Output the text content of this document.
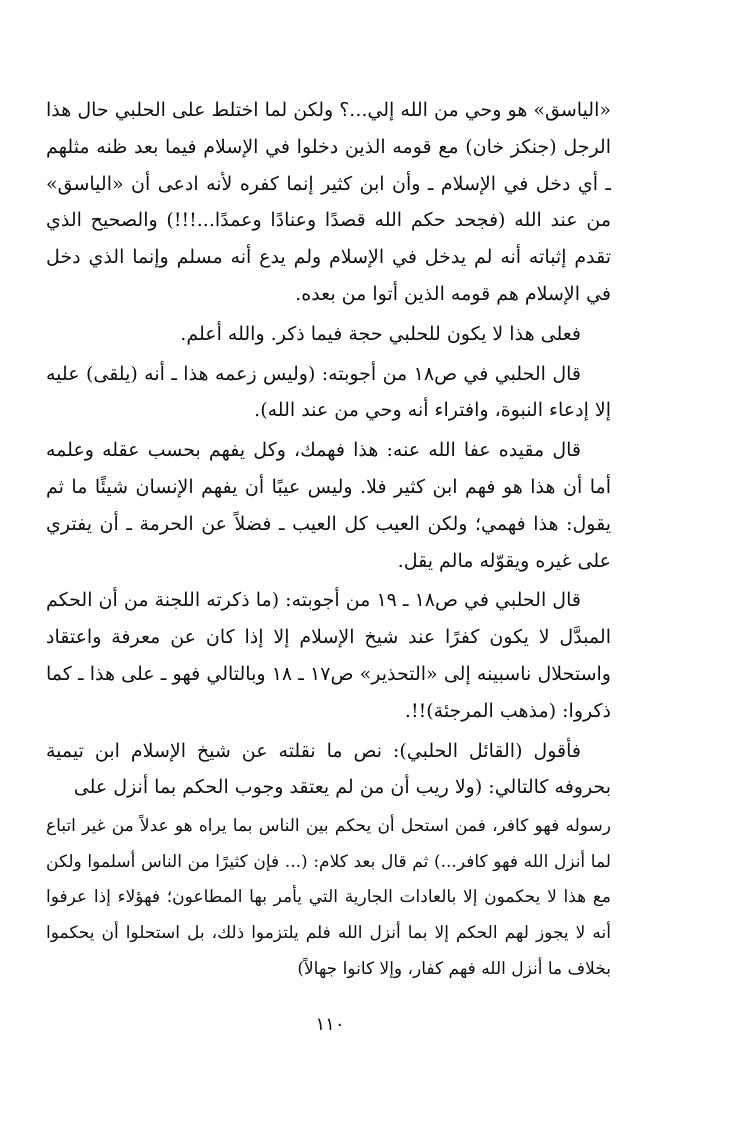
«الياسق» هو وحي من الله إلي...؟ ولكن لما اختلط على الحلبي حال هذا الرجل (جنكز خان) مع قومه الذين دخلوا في الإسلام فيما بعد ظنه مثلهم ـ أي دخل في الإسلام ـ وأن ابن كثير إنما كفره لأنه ادعى أن «الياسق» من عند الله (فجحد حكم الله قصدًا وعنادًا وعمدًا...!!!) والصحيح الذي تقدم إثباته أنه لم يدخل في الإسلام ولم يدع أنه مسلم وإنما الذي دخل في الإسلام هم قومه الذين أتوا من بعده.

فعلى هذا لا يكون للحلبي حجة فيما ذكر. والله أعلم.

قال الحلبي في ص١٨ من أجوبته: (وليس زعمه هذا ـ أنه (يلقى) عليه إلا إدعاء النبوة، وافتراء أنه وحي من عند الله).

قال مقيده عفا الله عنه: هذا فهمك، وكل يفهم بحسب عقله وعلمه أما أن هذا هو فهم ابن كثير فلا. وليس عيبًا أن يفهم الإنسان شيئًا ما ثم يقول: هذا فهمي؛ ولكن العيب كل العيب ـ فضلاً عن الحرمة ـ أن يفتري على غيره ويقوّله مالم يقل.

قال الحلبي في ص١٨ ـ ١٩ من أجوبته: (ما ذكرته اللجنة من أن الحكم المبدَّل لا يكون كفرًا عند شيخ الإسلام إلا إذا كان عن معرفة واعتقاد واستحلال ناسبينه إلى «التحذير» ص١٧ ـ ١٨ وبالتالي فهو ـ على هذا ـ كما ذكروا: (مذهب المرجئة)!!.

فأقول (القائل الحلبي): نص ما نقلته عن شيخ الإسلام ابن تيمية بحروفه كالتالي: (ولا ريب أن من لم يعتقد وجوب الحكم بما أنزل على

رسوله فهو كافر، فمن استحل أن يحكم بين الناس بما يراه هو عدلاً من غير اتباع لما أنزل الله فهو كافر...) ثم قال بعد كلام: (... فإن كثيرًا من الناس أسلموا ولكن مع هذا لا يحكمون إلا بالعادات الجارية التي يأمر بها المطاعون؛ فهؤلاء إذا عرفوا أنه لا يجوز لهم الحكم إلا بما أنزل الله فلم يلتزموا ذلك، بل استحلوا أن يحكموا بخلاف ما أنزل الله فهم كفار، وإلا كانوا جهالاً)

١١٠
